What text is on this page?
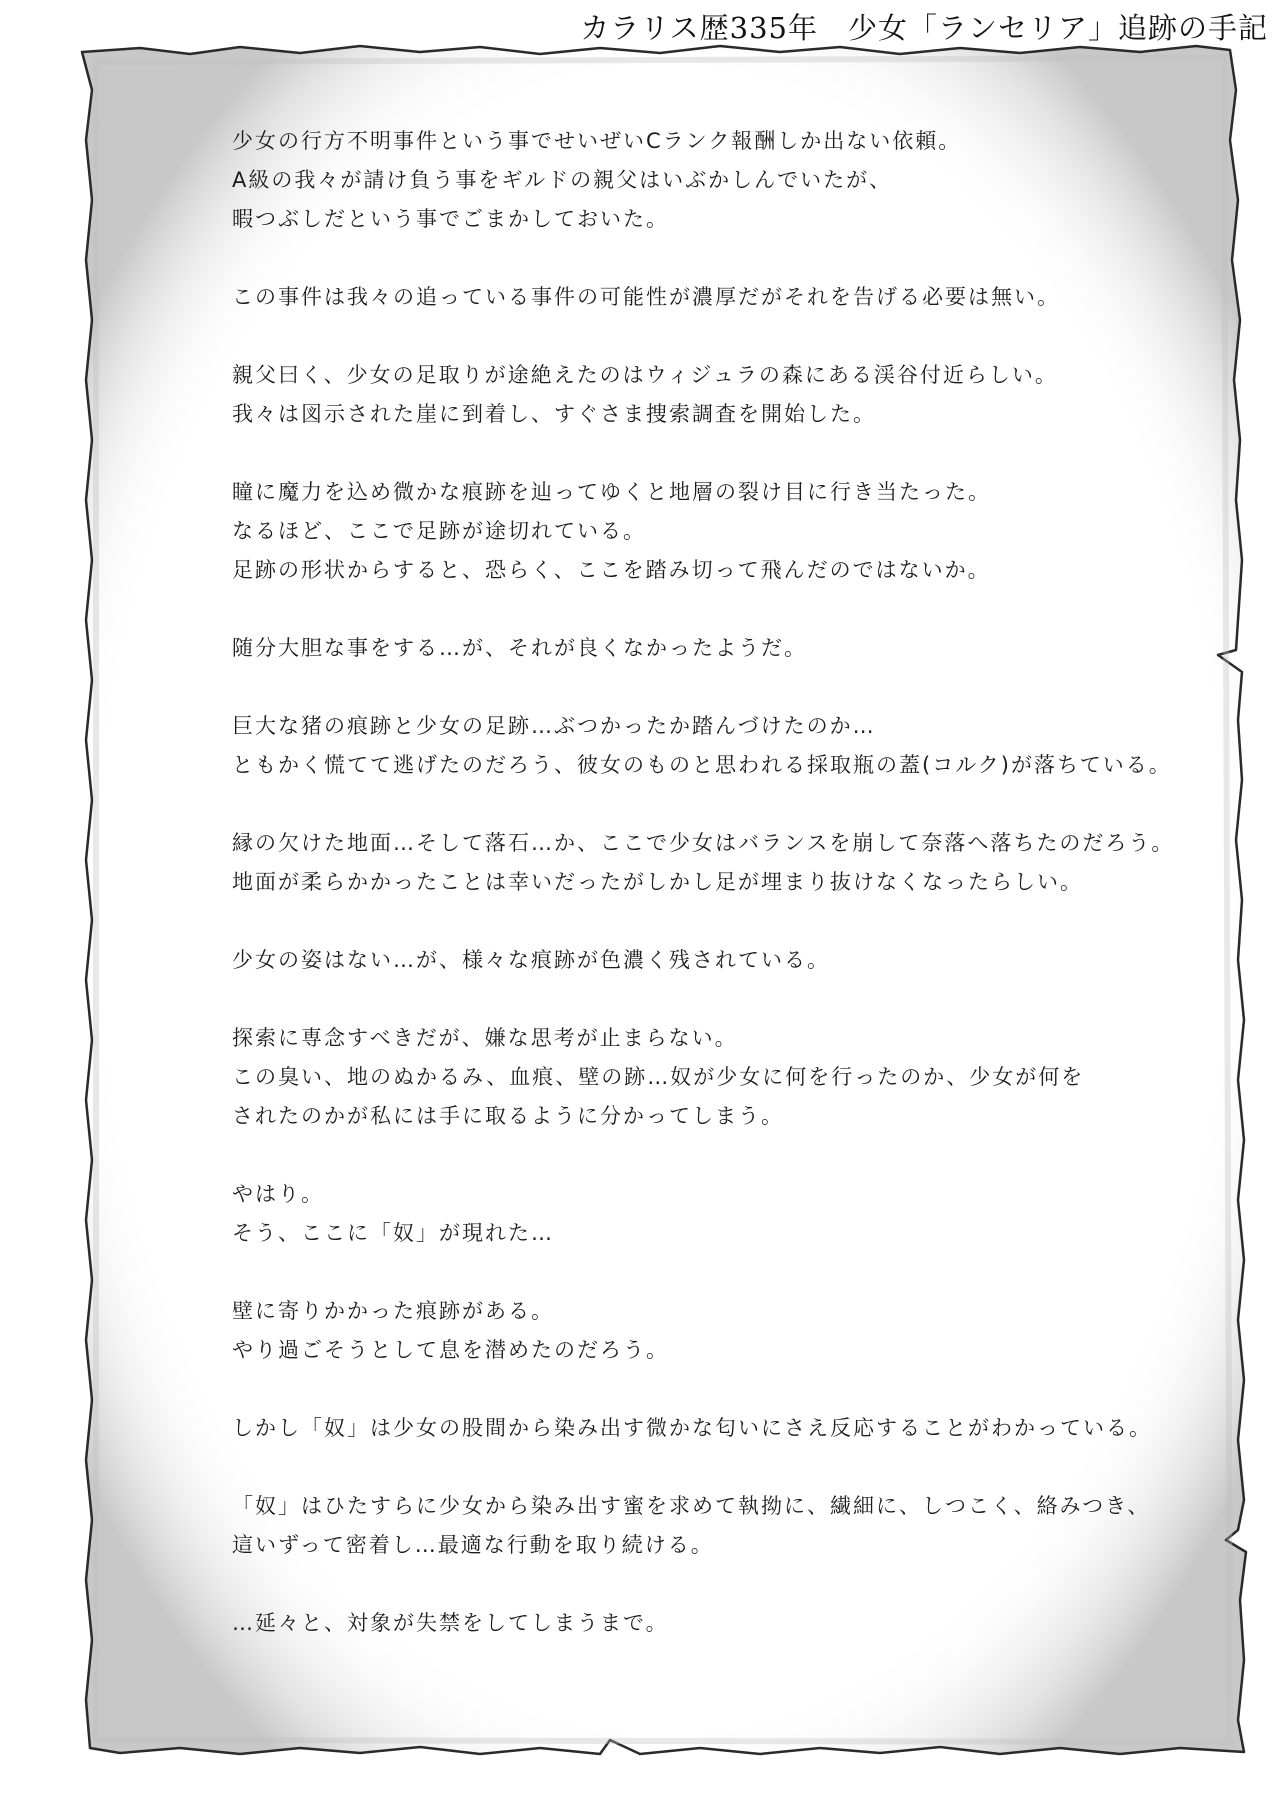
カラリス歴335年　少女「ランセリア」追跡の手記
少女の行方不明事件という事でせいぜいCランク報酬しか出ない依頼。
A級の我々が請け負う事をギルドの親父はいぶかしんでいたが、
暇つぶしだという事でごまかしておいた。
この事件は我々の追っている事件の可能性が濃厚だがそれを告げる必要は無い。
親父曰く、少女の足取りが途絶えたのはウィジュラの森にある渓谷付近らしい。
我々は図示された崖に到着し、すぐさま捜索調査を開始した。
瞳に魔力を込め微かな痕跡を辿ってゆくと地層の裂け目に行き当たった。
なるほど、ここで足跡が途切れている。
足跡の形状からすると、恐らく、ここを踏み切って飛んだのではないか。
随分大胆な事をする…が、それが良くなかったようだ。
巨大な猪の痕跡と少女の足跡…ぶつかったか踏んづけたのか…
ともかく慌てて逃げたのだろう、彼女のものと思われる採取瓶の蓋(コルク)が落ちている。
縁の欠けた地面…そして落石…か、ここで少女はバランスを崩して奈落へ落ちたのだろう。
地面が柔らかかったことは幸いだったがしかし足が埋まり抜けなくなったらしい。
少女の姿はない…が、様々な痕跡が色濃く残されている。
探索に専念すべきだが、嫌な思考が止まらない。
この臭い、地のぬかるみ、血痕、壁の跡…奴が少女に何を行ったのか、少女が何を
されたのかが私には手に取るように分かってしまう。
やはり。
そう、ここに「奴」が現れた…
壁に寄りかかった痕跡がある。
やり過ごそうとして息を潜めたのだろう。
しかし「奴」は少女の股間から染み出す微かな匂いにさえ反応することがわかっている。
「奴」はひたすらに少女から染み出す蜜を求めて執拗に、繊細に、しつこく、絡みつき、
這いずって密着し…最適な行動を取り続ける。
…延々と、対象が失禁をしてしまうまで。
